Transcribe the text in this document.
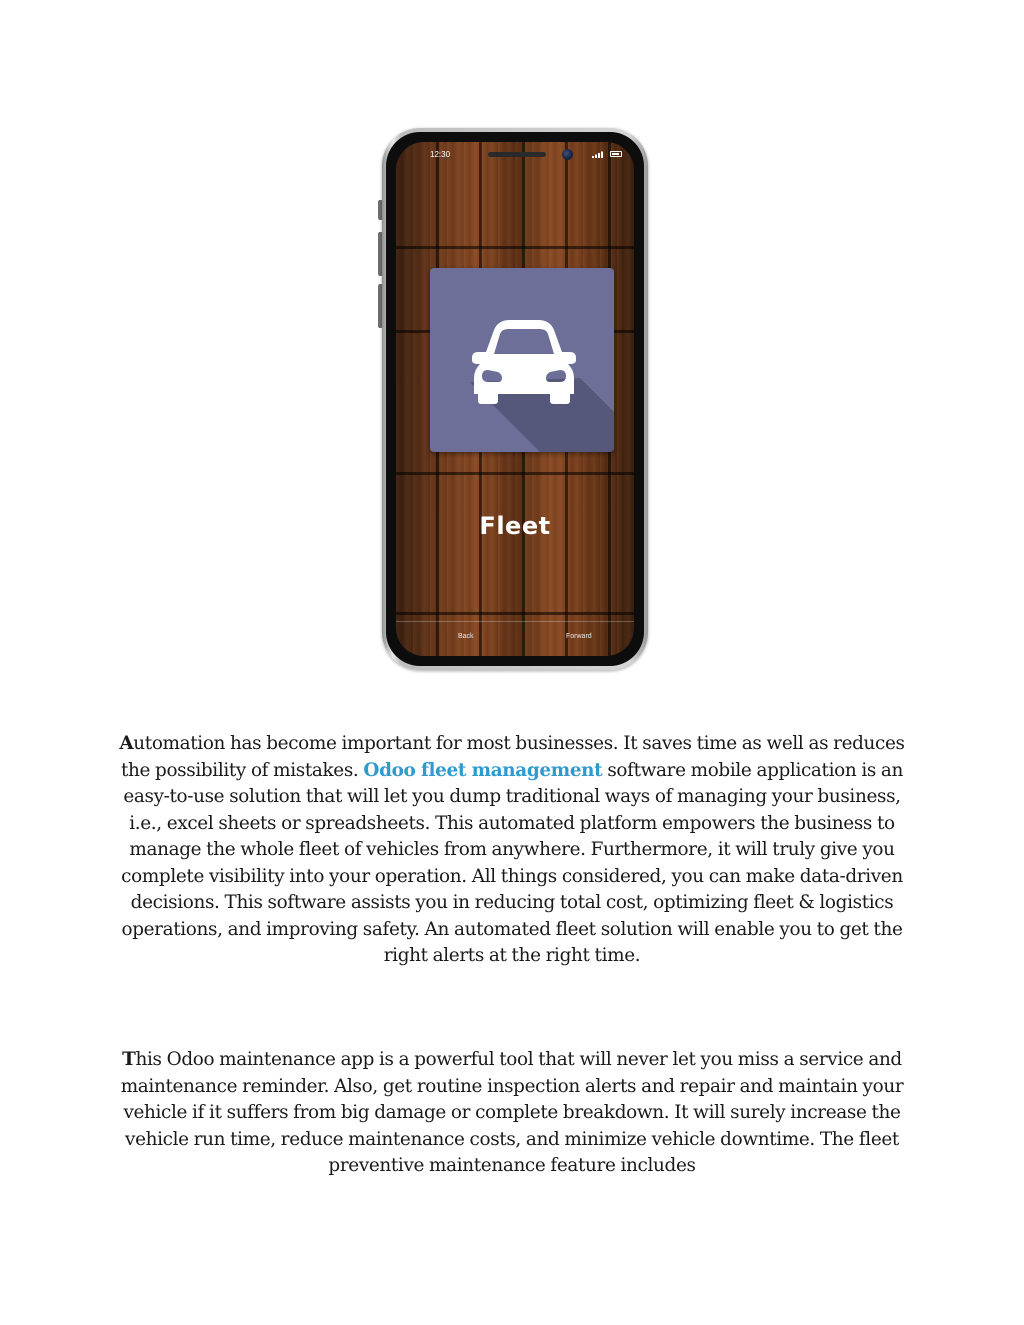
12:30
Fleet
Back	Forward

Automation has become important for most businesses. It saves time as well as reduces the possibility of mistakes. Odoo fleet management software mobile application is an easy-to-use solution that will let you dump traditional ways of managing your business, i.e., excel sheets or spreadsheets. This automated platform empowers the business to manage the whole fleet of vehicles from anywhere. Furthermore, it will truly give you complete visibility into your operation. All things considered, you can make data-driven decisions. This software assists you in reducing total cost, optimizing fleet & logistics operations, and improving safety. An automated fleet solution will enable you to get the right alerts at the right time.

This Odoo maintenance app is a powerful tool that will never let you miss a service and maintenance reminder. Also, get routine inspection alerts and repair and maintain your vehicle if it suffers from big damage or complete breakdown. It will surely increase the vehicle run time, reduce maintenance costs, and minimize vehicle downtime. The fleet preventive maintenance feature includes
